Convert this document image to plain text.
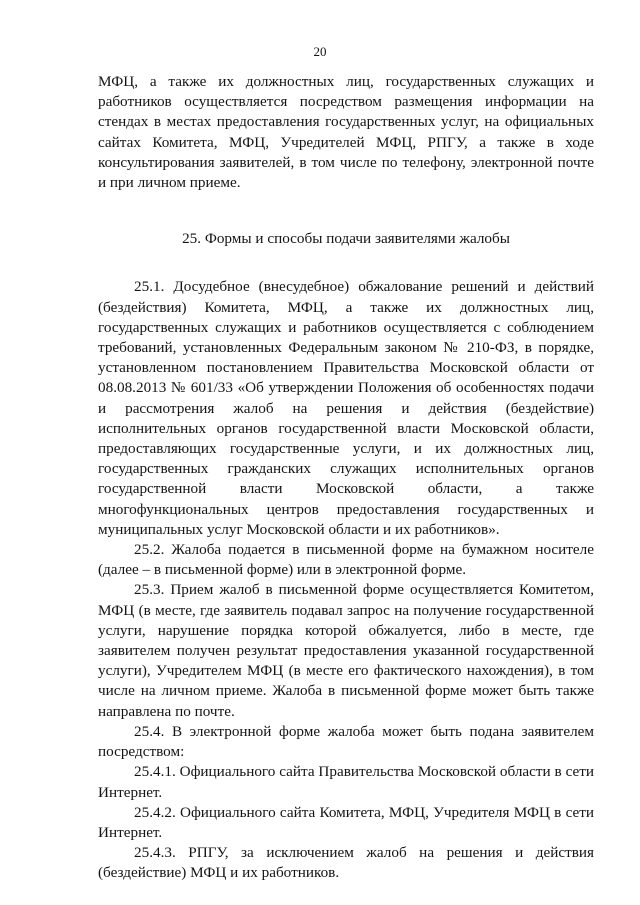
20

МФЦ, а также их должностных лиц, государственных служащих и работников осуществляется посредством размещения информации на стендах в местах предоставления государственных услуг, на официальных сайтах Комитета, МФЦ, Учредителей МФЦ, РПГУ, а также в ходе консультирования заявителей, в том числе по телефону, электронной почте и при личном приеме.

25. Формы и способы подачи заявителями жалобы

25.1. Досудебное (внесудебное) обжалование решений и действий (бездействия) Комитета, МФЦ, а также их должностных лиц, государственных служащих и работников осуществляется с соблюдением требований, установленных Федеральным законом № 210-ФЗ, в порядке, установленном постановлением Правительства Московской области от 08.08.2013 № 601/33 «Об утверждении Положения об особенностях подачи и рассмотрения жалоб на решения и действия (бездействие) исполнительных органов государственной власти Московской области, предоставляющих государственные услуги, и их должностных лиц, государственных гражданских служащих исполнительных органов государственной власти Московской области, а также многофункциональных центров предоставления государственных и муниципальных услуг Московской области и их работников».

25.2. Жалоба подается в письменной форме на бумажном носителе (далее – в письменной форме) или в электронной форме.

25.3. Прием жалоб в письменной форме осуществляется Комитетом, МФЦ (в месте, где заявитель подавал запрос на получение государственной услуги, нарушение порядка которой обжалуется, либо в месте, где заявителем получен результат предоставления указанной государственной услуги), Учредителем МФЦ (в месте его фактического нахождения), в том числе на личном приеме. Жалоба в письменной форме может быть также направлена по почте.

25.4. В электронной форме жалоба может быть подана заявителем посредством:

25.4.1. Официального сайта Правительства Московской области в сети Интернет.

25.4.2. Официального сайта Комитета, МФЦ, Учредителя МФЦ в сети Интернет.

25.4.3. РПГУ, за исключением жалоб на решения и действия (бездействие) МФЦ и их работников.
